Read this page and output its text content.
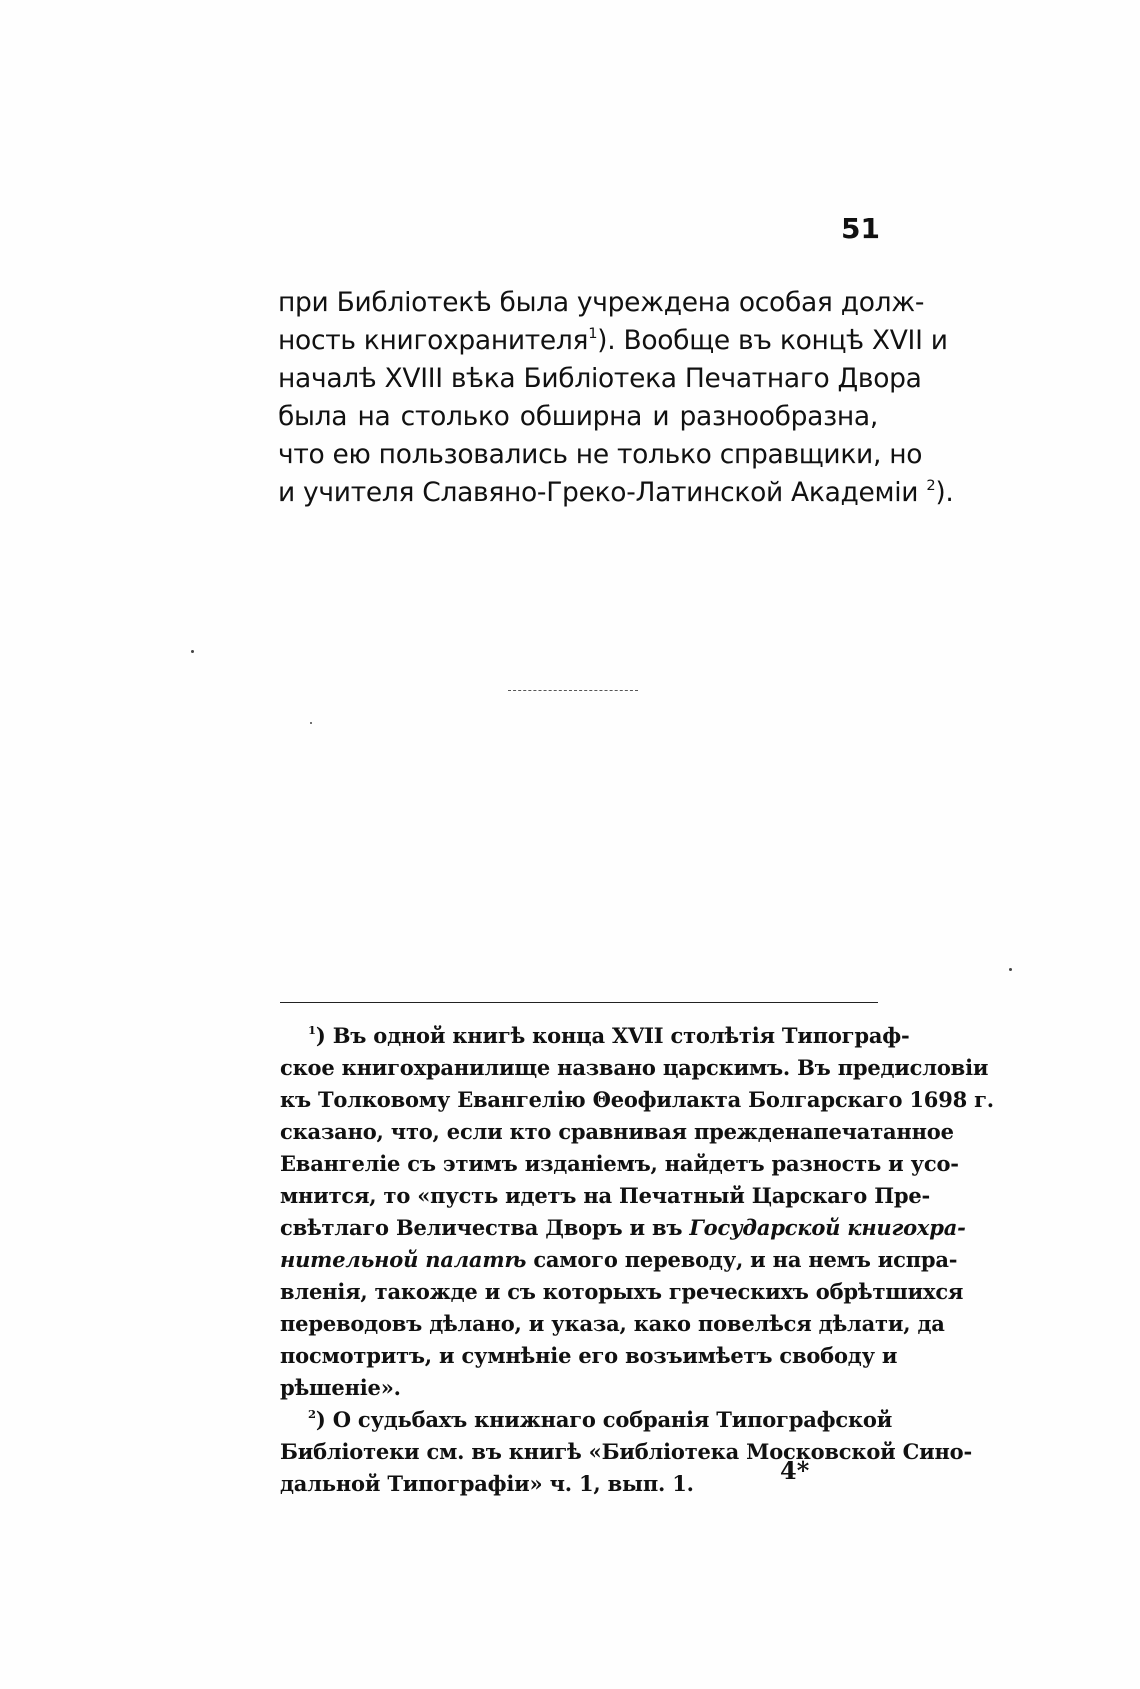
51
при Библіотекѣ была учреждена особая долж-
ность книгохранителя$^1$). Вообще въ концѣ XVII и
началѣ XVIII вѣка Библіотека Печатнаго Двора
была на столько обширна и разнообразна,
что ею пользовались не только справщики, но
и учителя Славяно-Греко-Латинской Академіи $^2$).
$^1$) Въ одной книгѣ конца XVII столѣтія Типограф-
ское книгохранилище названо царскимъ. Въ предисловіи
къ Толковому Евангелію Θеофилакта Болгарскаго 1698 г.
сказано, что, если кто сравнивая прежденапечатанное
Евангеліе съ этимъ изданіемъ, найдетъ разность и усо-
мнится, то «пусть идетъ на Печатный Царскаго Пре-
свѣтлаго Величества Дворъ и въ Государской книгохра-
нительной палатѣ самого переводу, и на немъ испра-
вленія, такожде и съ которыхъ греческихъ обрѣтшихся
переводовъ дѣлано, и указа, како повелѣся дѣлати, да
посмотритъ, и сумнѣніе его возъимѣетъ свободу и
рѣшеніе».
$^2$) О судьбахъ книжнаго собранія Типографской
Библіотеки см. въ книгѣ «Библіотека Московской Сино-
дальной Типографіи» ч. 1, вып. 1.	4*
